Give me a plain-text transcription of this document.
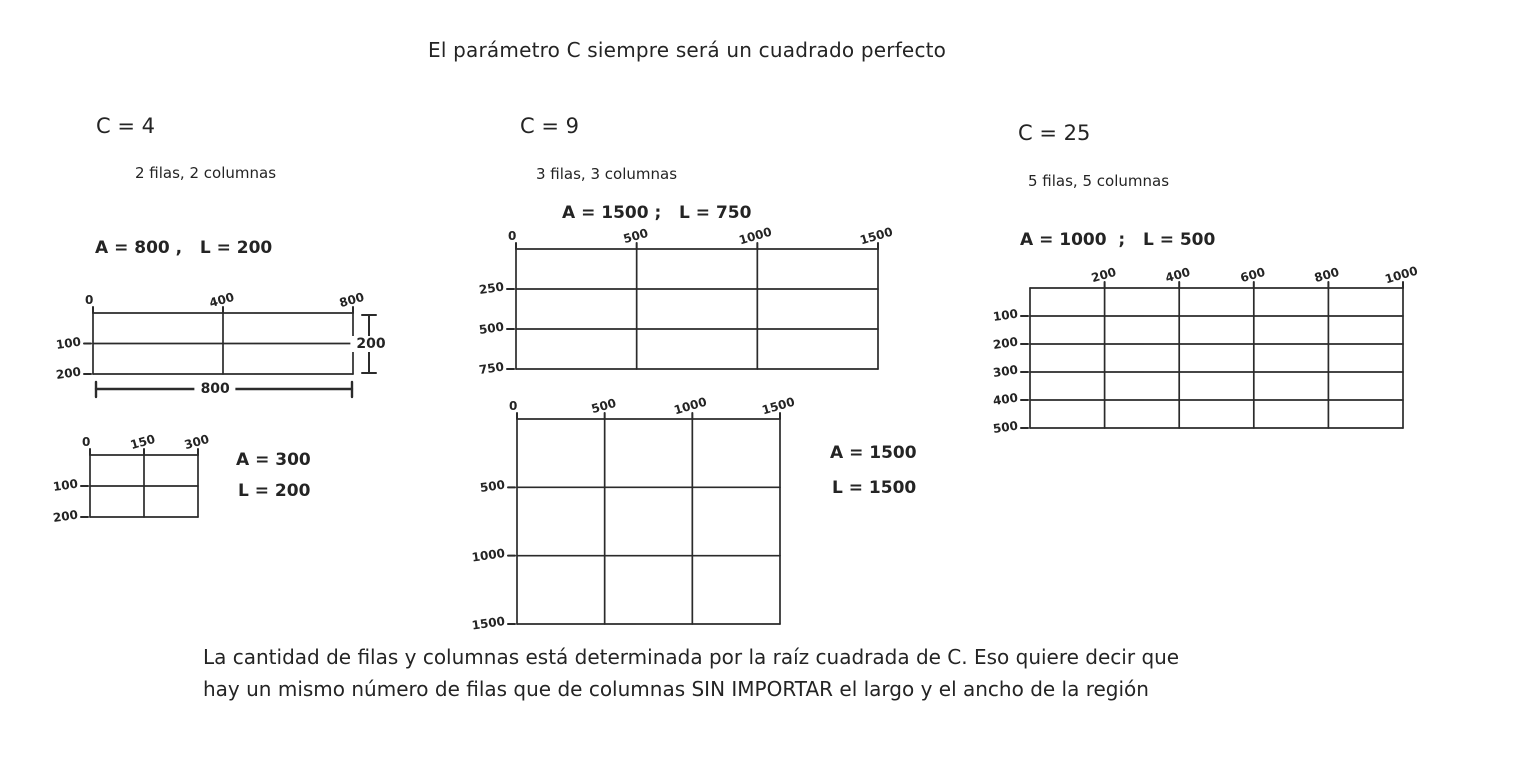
El parámetro C siempre será un cuadrado perfecto
C = 4
2 filas, 2 columnas
A = 800 ,   L = 200
0	400	800
100
200
800
200
0	150 300
100
200
A = 300
L = 200
C = 9
3 filas, 3 columnas
A = 1500 ;   L = 750
0	500	1000	1500
250
500
750
0	500	1000	1500
500
1000
1500
A = 1500
L = 1500
C = 25
5 filas, 5 columnas
A = 1000  ;   L = 500
200	400	600	800	1000
100
200
300
400
500
La cantidad de filas y columnas está determinada por la raíz cuadrada de C. Eso quiere decir que
hay un mismo número de filas que de columnas SIN IMPORTAR el largo y el ancho de la región
